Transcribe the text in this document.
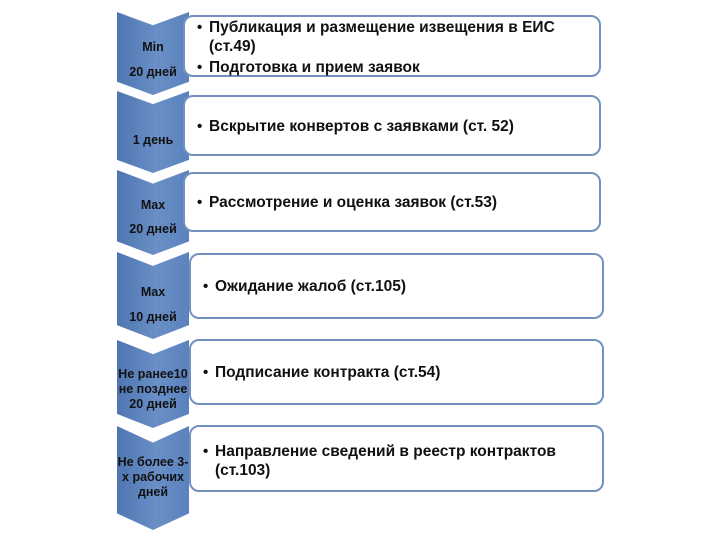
Min
20 дней
• Публикация и размещение извещения в ЕИС (ст.49)
• Подготовка и прием заявок
1 день
• Вскрытие конвертов с заявками (ст. 52)
Max
20 дней
• Рассмотрение и оценка заявок (ст.53)
Max
10 дней
• Ожидание жалоб (ст.105)
Не ранее10
не позднее
20 дней
• Подписание контракта (ст.54)
Не более 3-
х рабочих
дней
• Направление сведений в реестр контрактов (ст.103)
